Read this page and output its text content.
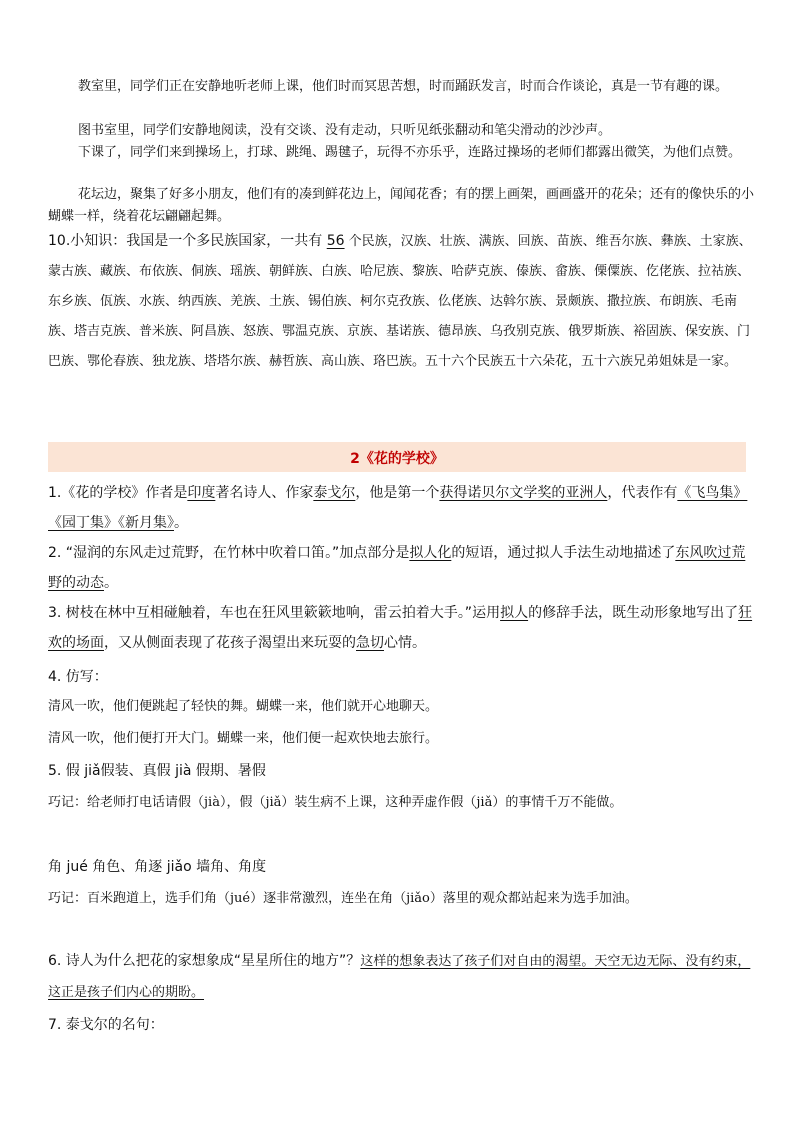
教室里，同学们正在安静地听老师上课，他们时而冥思苦想，时而踊跃发言，时而合作谈论，真是一节有趣的课。
图书室里，同学们安静地阅读，没有交谈、没有走动，只听见纸张翻动和笔尖滑动的沙沙声。
下课了，同学们来到操场上，打球、跳绳、踢毽子，玩得不亦乐乎，连路过操场的老师们都露出微笑，为他们点赞。
花坛边，聚集了好多小朋友，他们有的凑到鲜花边上，闻闻花香；有的摆上画架，画画盛开的花朵；还有的像快乐的小蝴蝶一样，绕着花坛翩翩起舞。
10.小知识：我国是一个多民族国家，一共有 56 个民族，汉族、壮族、满族、回族、苗族、维吾尔族、彝族、土家族、蒙古族、藏族、布依族、侗族、瑶族、朝鲜族、白族、哈尼族、黎族、哈萨克族、傣族、畲族、傈僳族、仡佬族、拉祜族、东乡族、佤族、水族、纳西族、羌族、土族、锡伯族、柯尔克孜族、仫佬族、达斡尔族、景颇族、撒拉族、布朗族、毛南族、塔吉克族、普米族、阿昌族、怒族、鄂温克族、京族、基诺族、德昂族、乌孜别克族、俄罗斯族、裕固族、保安族、门巴族、鄂伦春族、独龙族、塔塔尔族、赫哲族、高山族、珞巴族。五十六个民族五十六朵花，五十六族兄弟姐妹是一家。
2《花的学校》
1.《花的学校》作者是印度著名诗人、作家泰戈尔，他是第一个获得诺贝尔文学奖的亚洲人，代表作有《飞鸟集》《园丁集》《新月集》。
2. “湿润的东风走过荒野，在竹林中吹着口笛。”加点部分是拟人化的短语，通过拟人手法生动地描述了东风吹过荒野的动态。
3. 树枝在林中互相碰触着，车也在狂风里簌簌地响，雷云拍着大手。”运用拟人的修辞手法，既生动形象地写出了狂欢的场面，又从侧面表现了花孩子渴望出来玩耍的急切心情。
4. 仿写：
清风一吹，他们便跳起了轻快的舞。蝴蝶一来，他们就开心地聊天。
清风一吹，他们便打开大门。蝴蝶一来，他们便一起欢快地去旅行。
5. 假 jiǎ假装、真假 jià 假期、暑假
巧记：给老师打电话请假（jià），假（jiǎ）装生病不上课，这种弄虚作假（jiǎ）的事情千万不能做。
角 jué 角色、角逐 jiǎo 墙角、角度
巧记：百米跑道上，选手们角（jué）逐非常激烈，连坐在角（jiǎo）落里的观众都站起来为选手加油。
6. 诗人为什么把花的家想象成“星星所住的地方”？这样的想象表达了孩子们对自由的渴望。天空无边无际、没有约束，这正是孩子们内心的期盼。
7. 泰戈尔的名句：
